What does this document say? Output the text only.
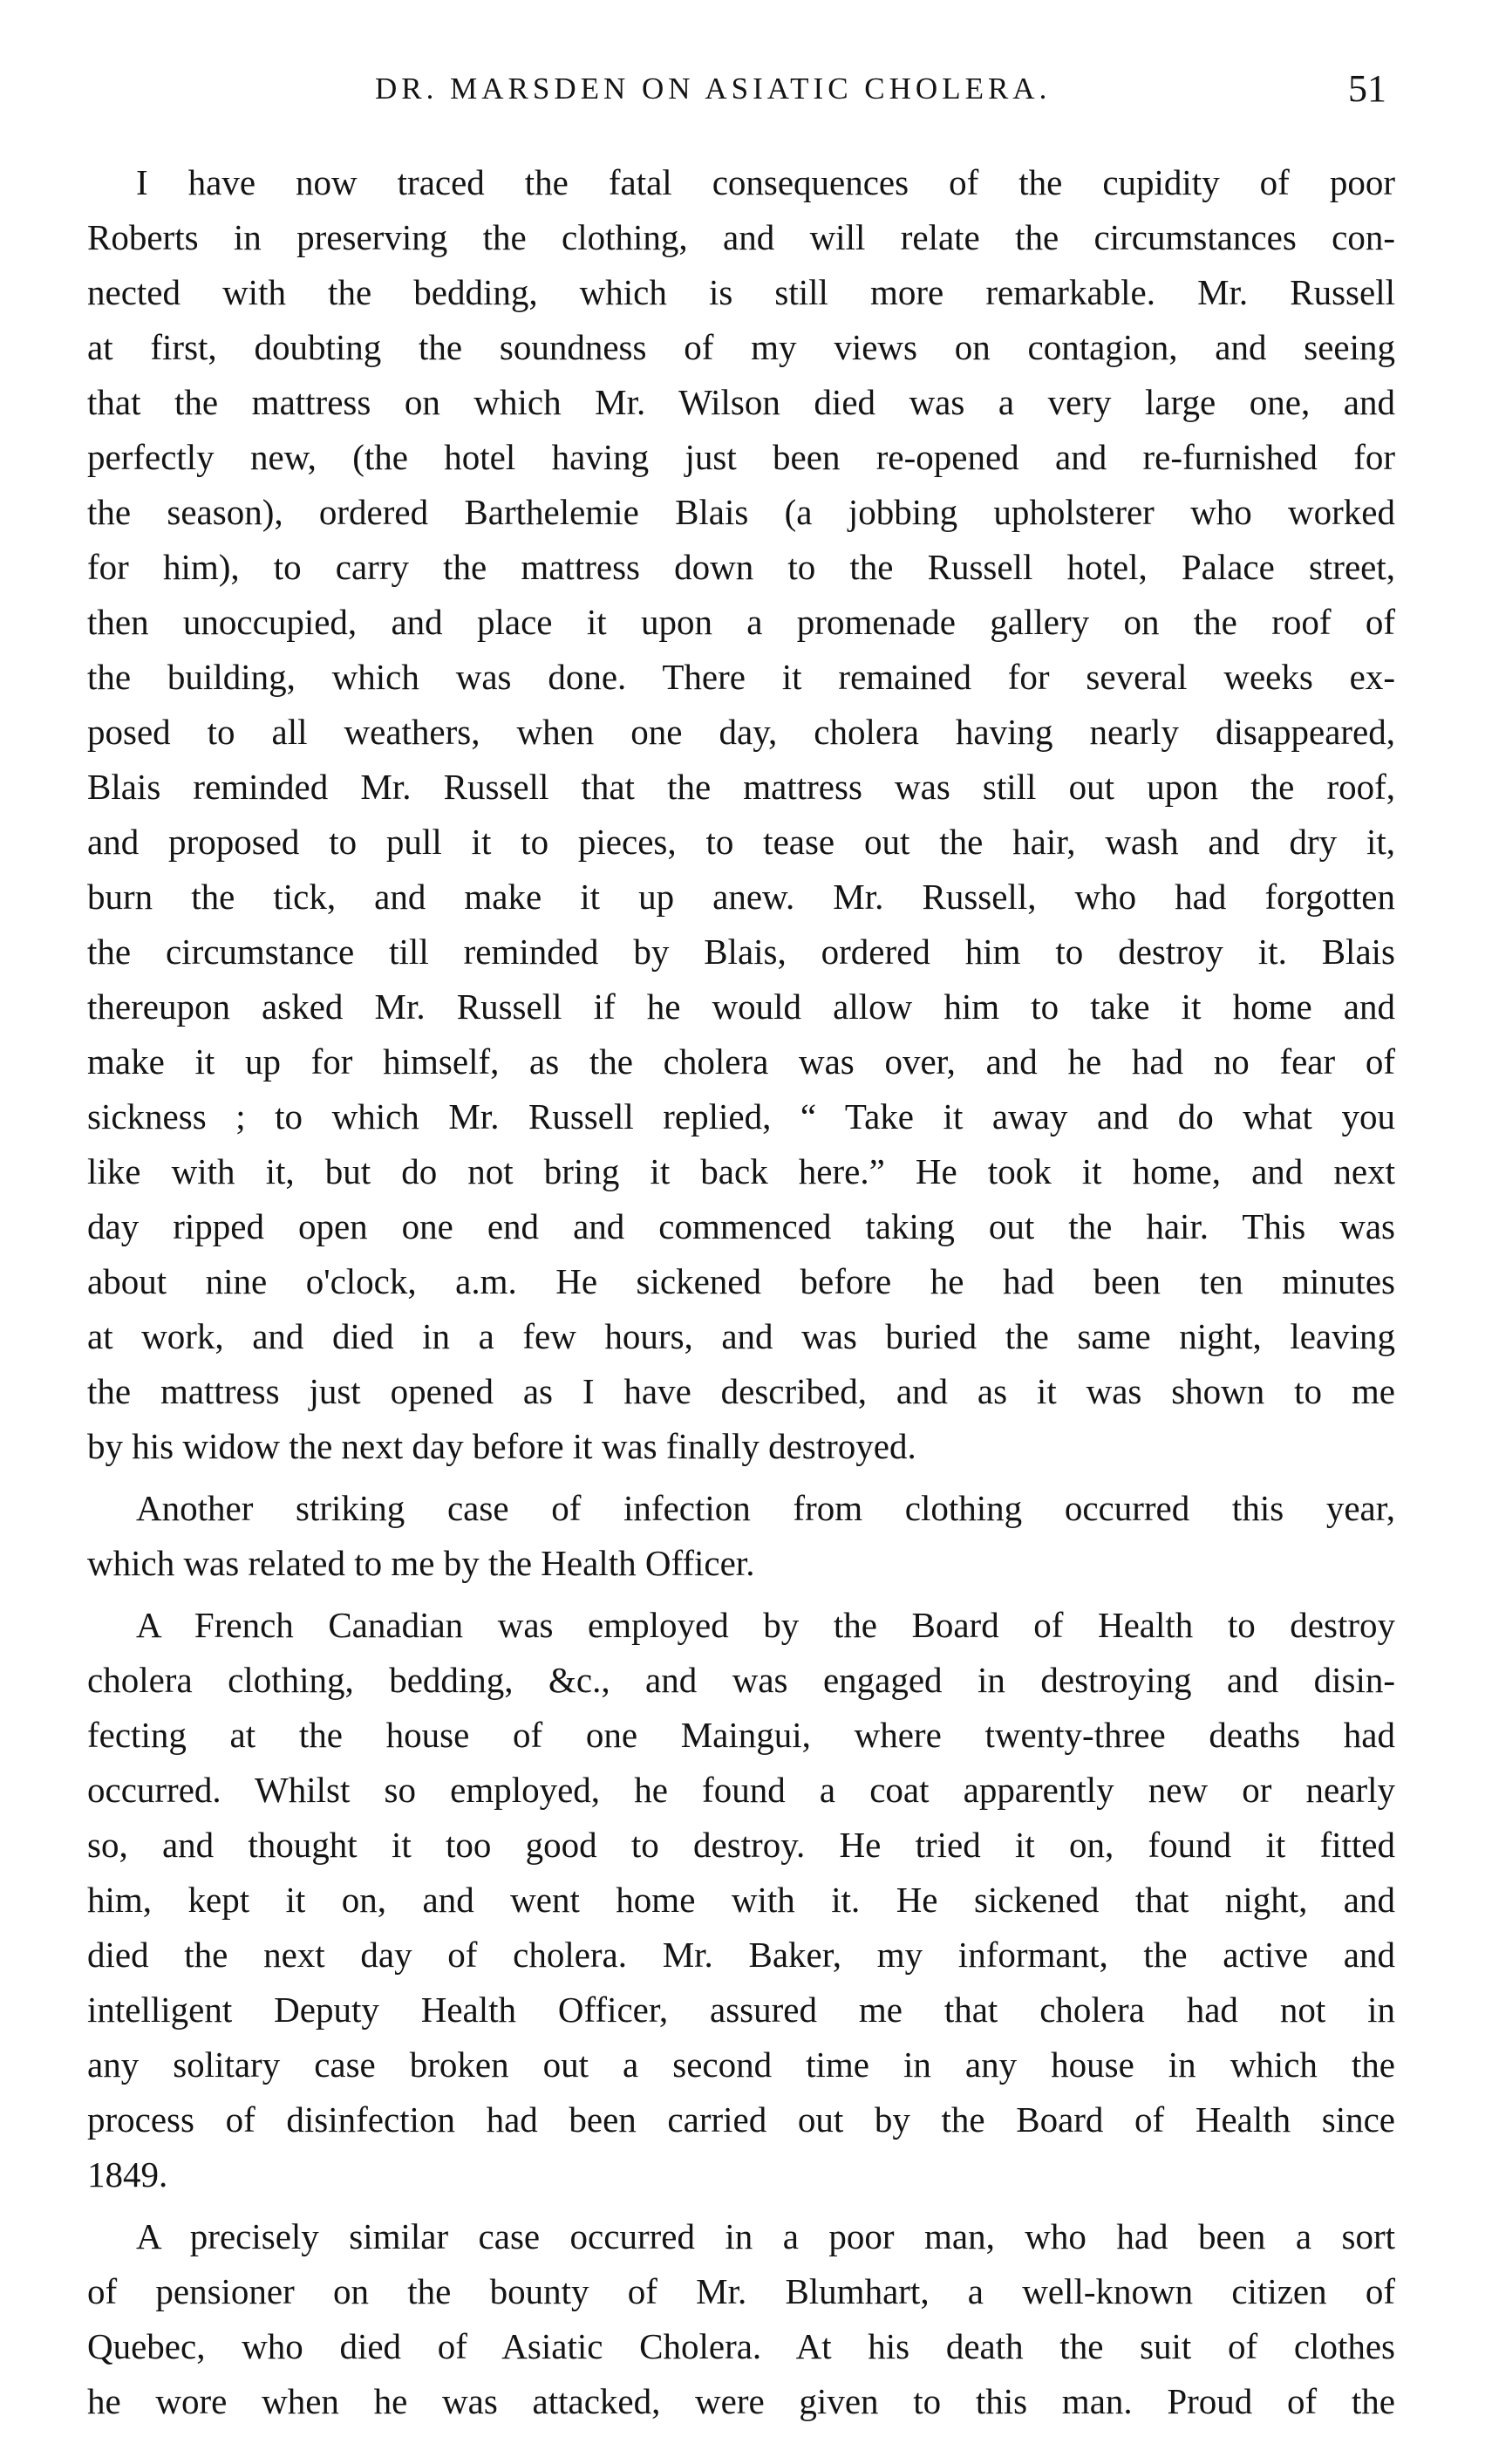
DR. MARSDEN ON ASIATIC CHOLERA.	51
I have now traced the fatal consequences of the cupidity of poor
Roberts in preserving the clothing, and will relate the circumstances con-
nected with the bedding, which is still more remarkable. Mr. Russell
at first, doubting the soundness of my views on contagion, and seeing
that the mattress on which Mr. Wilson died was a very large one, and
perfectly new, (the hotel having just been re-opened and re-furnished for
the season), ordered Barthelemie Blais (a jobbing upholsterer who worked
for him), to carry the mattress down to the Russell hotel, Palace street,
then unoccupied, and place it upon a promenade gallery on the roof of
the building, which was done. There it remained for several weeks ex-
posed to all weathers, when one day, cholera having nearly disappeared,
Blais reminded Mr. Russell that the mattress was still out upon the roof,
and proposed to pull it to pieces, to tease out the hair, wash and dry it,
burn the tick, and make it up anew. Mr. Russell, who had forgotten
the circumstance till reminded by Blais, ordered him to destroy it. Blais
thereupon asked Mr. Russell if he would allow him to take it home and
make it up for himself, as the cholera was over, and he had no fear of
sickness ; to which Mr. Russell replied, “ Take it away and do what you
like with it, but do not bring it back here.” He took it home, and next
day ripped open one end and commenced taking out the hair. This was
about nine o'clock, a.m. He sickened before he had been ten minutes
at work, and died in a few hours, and was buried the same night, leaving
the mattress just opened as I have described, and as it was shown to me
by his widow the next day before it was finally destroyed.
Another striking case of infection from clothing occurred this year,
which was related to me by the Health Officer.
A French Canadian was employed by the Board of Health to destroy
cholera clothing, bedding, &c., and was engaged in destroying and disin-
fecting at the house of one Maingui, where twenty-three deaths had
occurred. Whilst so employed, he found a coat apparently new or nearly
so, and thought it too good to destroy. He tried it on, found it fitted
him, kept it on, and went home with it. He sickened that night, and
died the next day of cholera. Mr. Baker, my informant, the active and
intelligent Deputy Health Officer, assured me that cholera had not in
any solitary case broken out a second time in any house in which the
process of disinfection had been carried out by the Board of Health since
1849.
A precisely similar case occurred in a poor man, who had been a sort
of pensioner on the bounty of Mr. Blumhart, a well-known citizen of
Quebec, who died of Asiatic Cholera. At his death the suit of clothes
he wore when he was attacked, were given to this man. Proud of the
